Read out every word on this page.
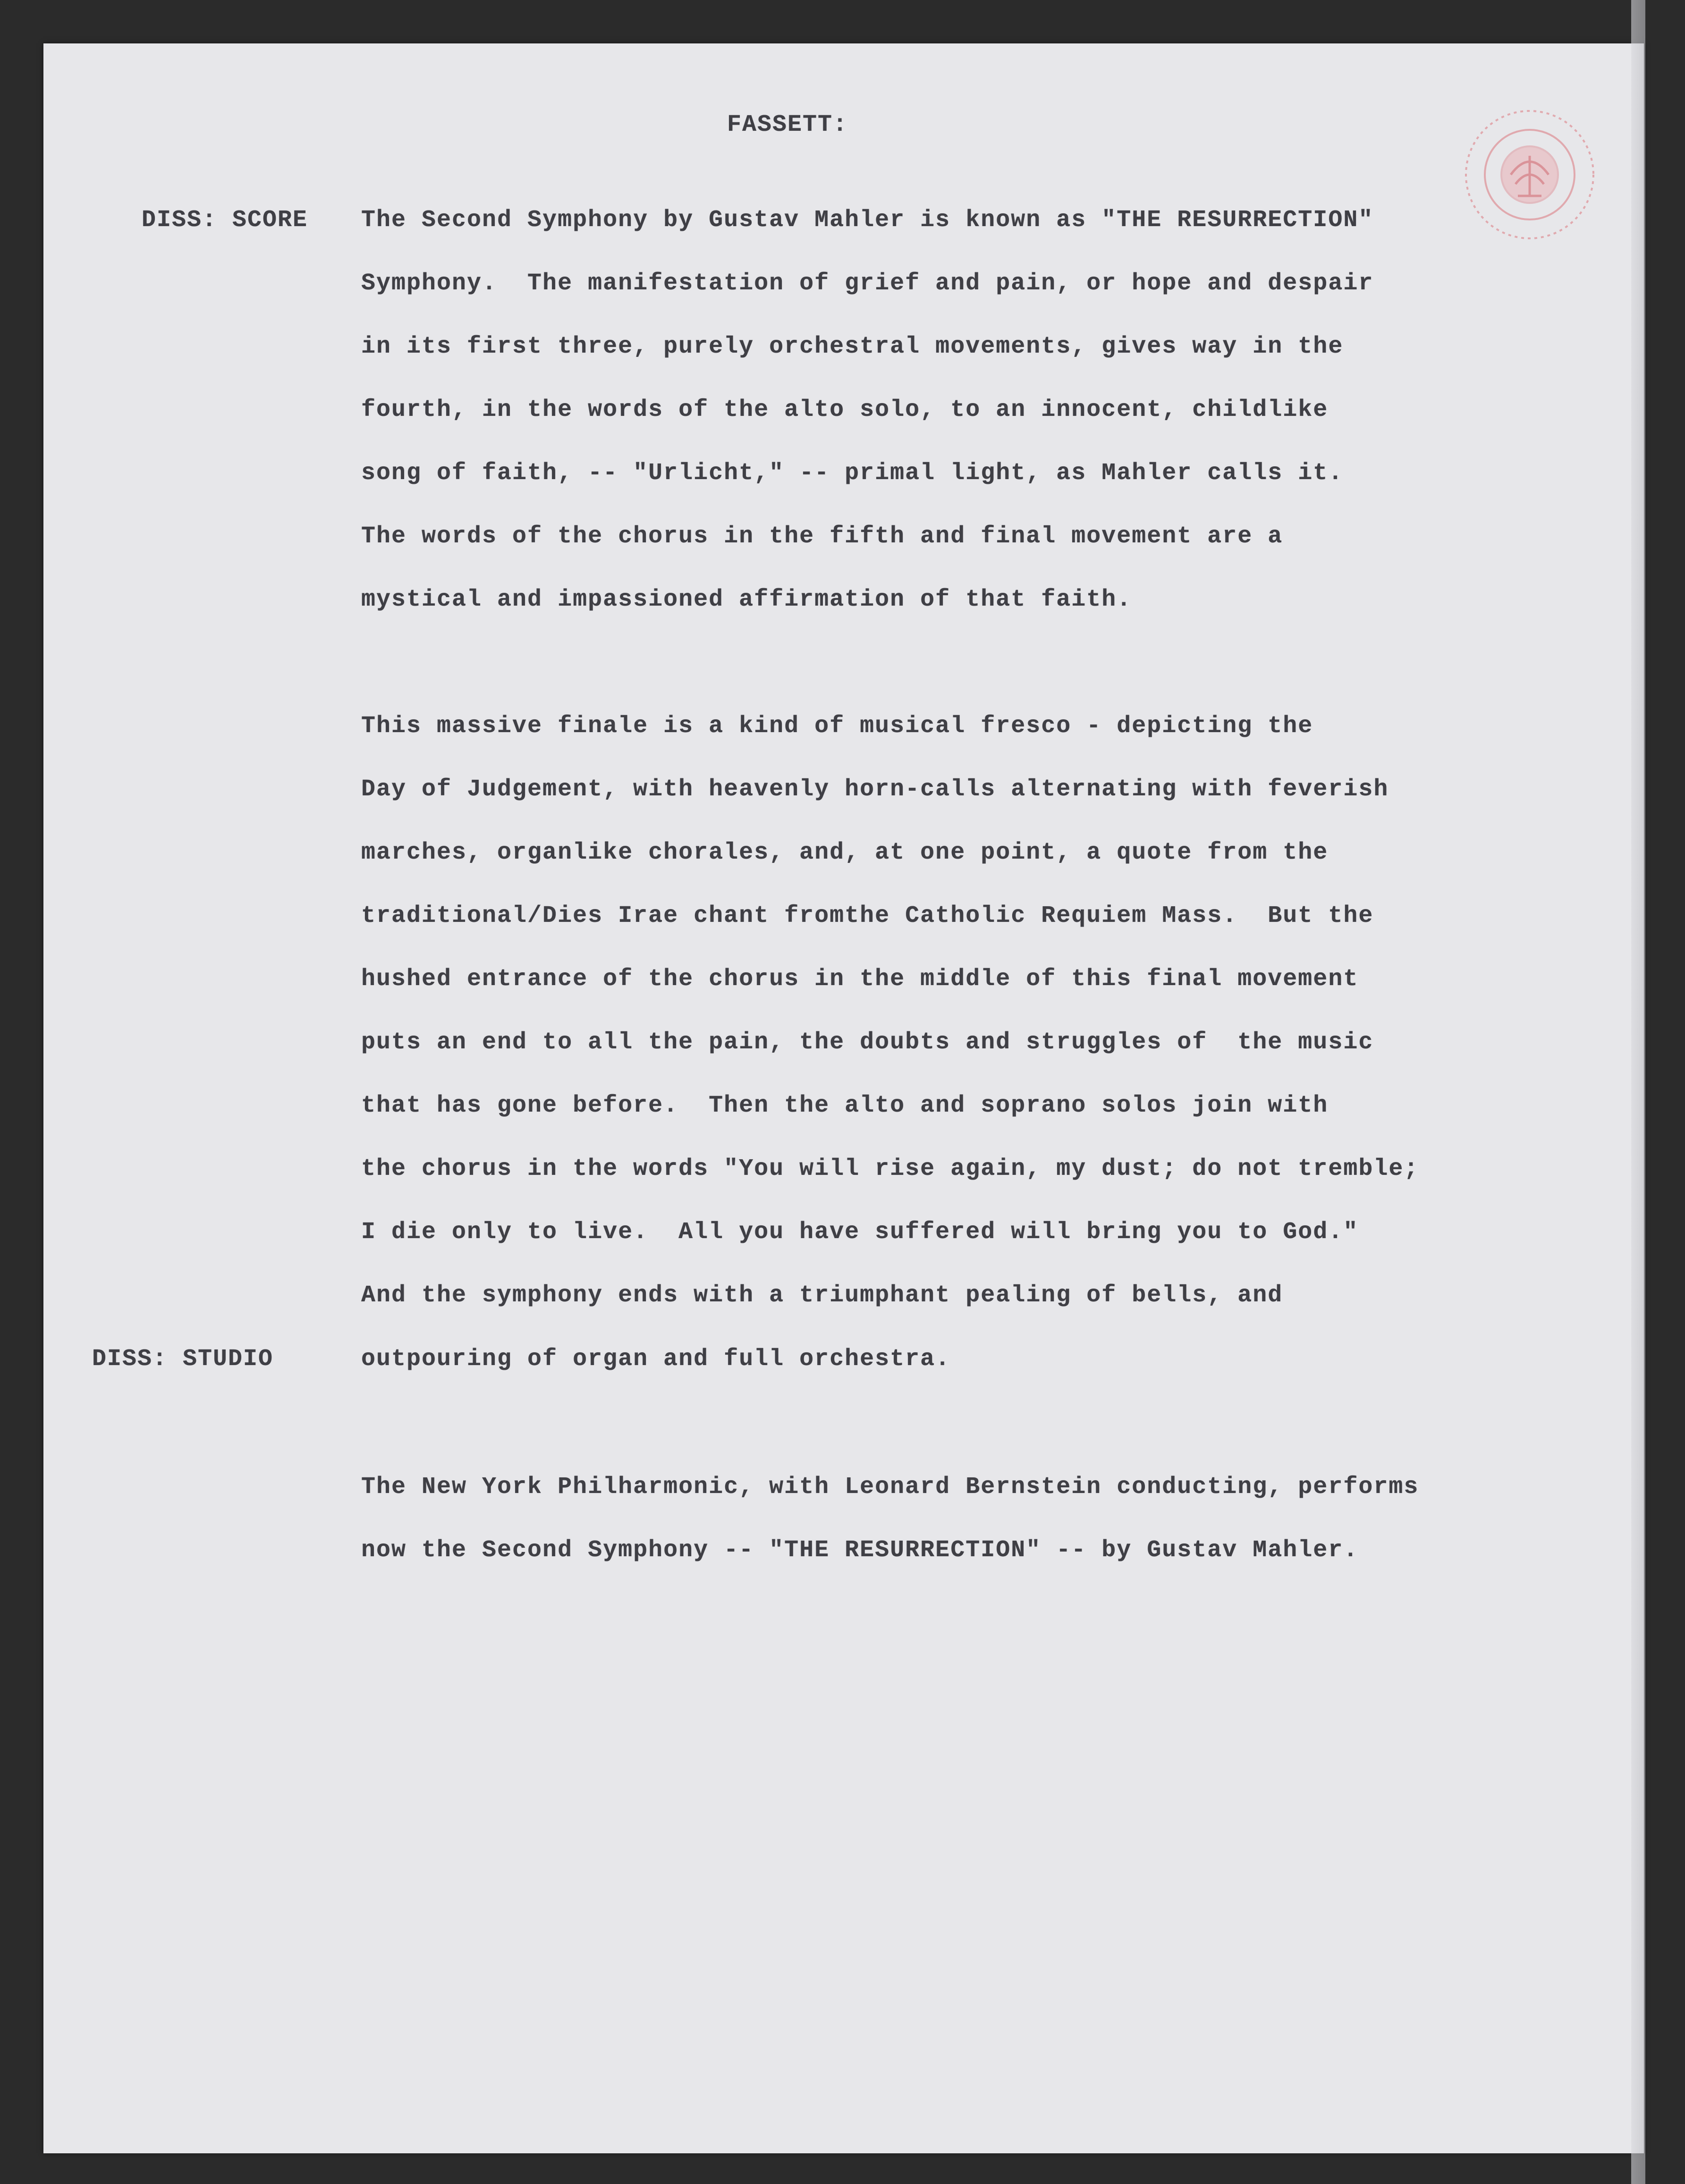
FASSETT:
DISS: SCORE
DISS: STUDIO
The Second Symphony by Gustav Mahler is known as "THE RESURRECTION"
Symphony.  The manifestation of grief and pain, or hope and despair
in its first three, purely orchestral movements, gives way in the
fourth, in the words of the alto solo, to an innocent, childlike
song of faith, -- "Urlicht," -- primal light, as Mahler calls it.
The words of the chorus in the fifth and final movement are a
mystical and impassioned affirmation of that faith.
This massive finale is a kind of musical fresco - depicting the
Day of Judgement, with heavenly horn-calls alternating with feverish
marches, organlike chorales, and, at one point, a quote from the
traditional/Dies Irae chant fromthe Catholic Requiem Mass.  But the
hushed entrance of the chorus in the middle of this final movement
puts an end to all the pain, the doubts and struggles of  the music
that has gone before.  Then the alto and soprano solos join with
the chorus in the words "You will rise again, my dust; do not tremble;
I die only to live.  All you have suffered will bring you to God."
And the symphony ends with a triumphant pealing of bells, and
outpouring of organ and full orchestra.
The New York Philharmonic, with Leonard Bernstein conducting, performs
now the Second Symphony -- "THE RESURRECTION" -- by Gustav Mahler.
